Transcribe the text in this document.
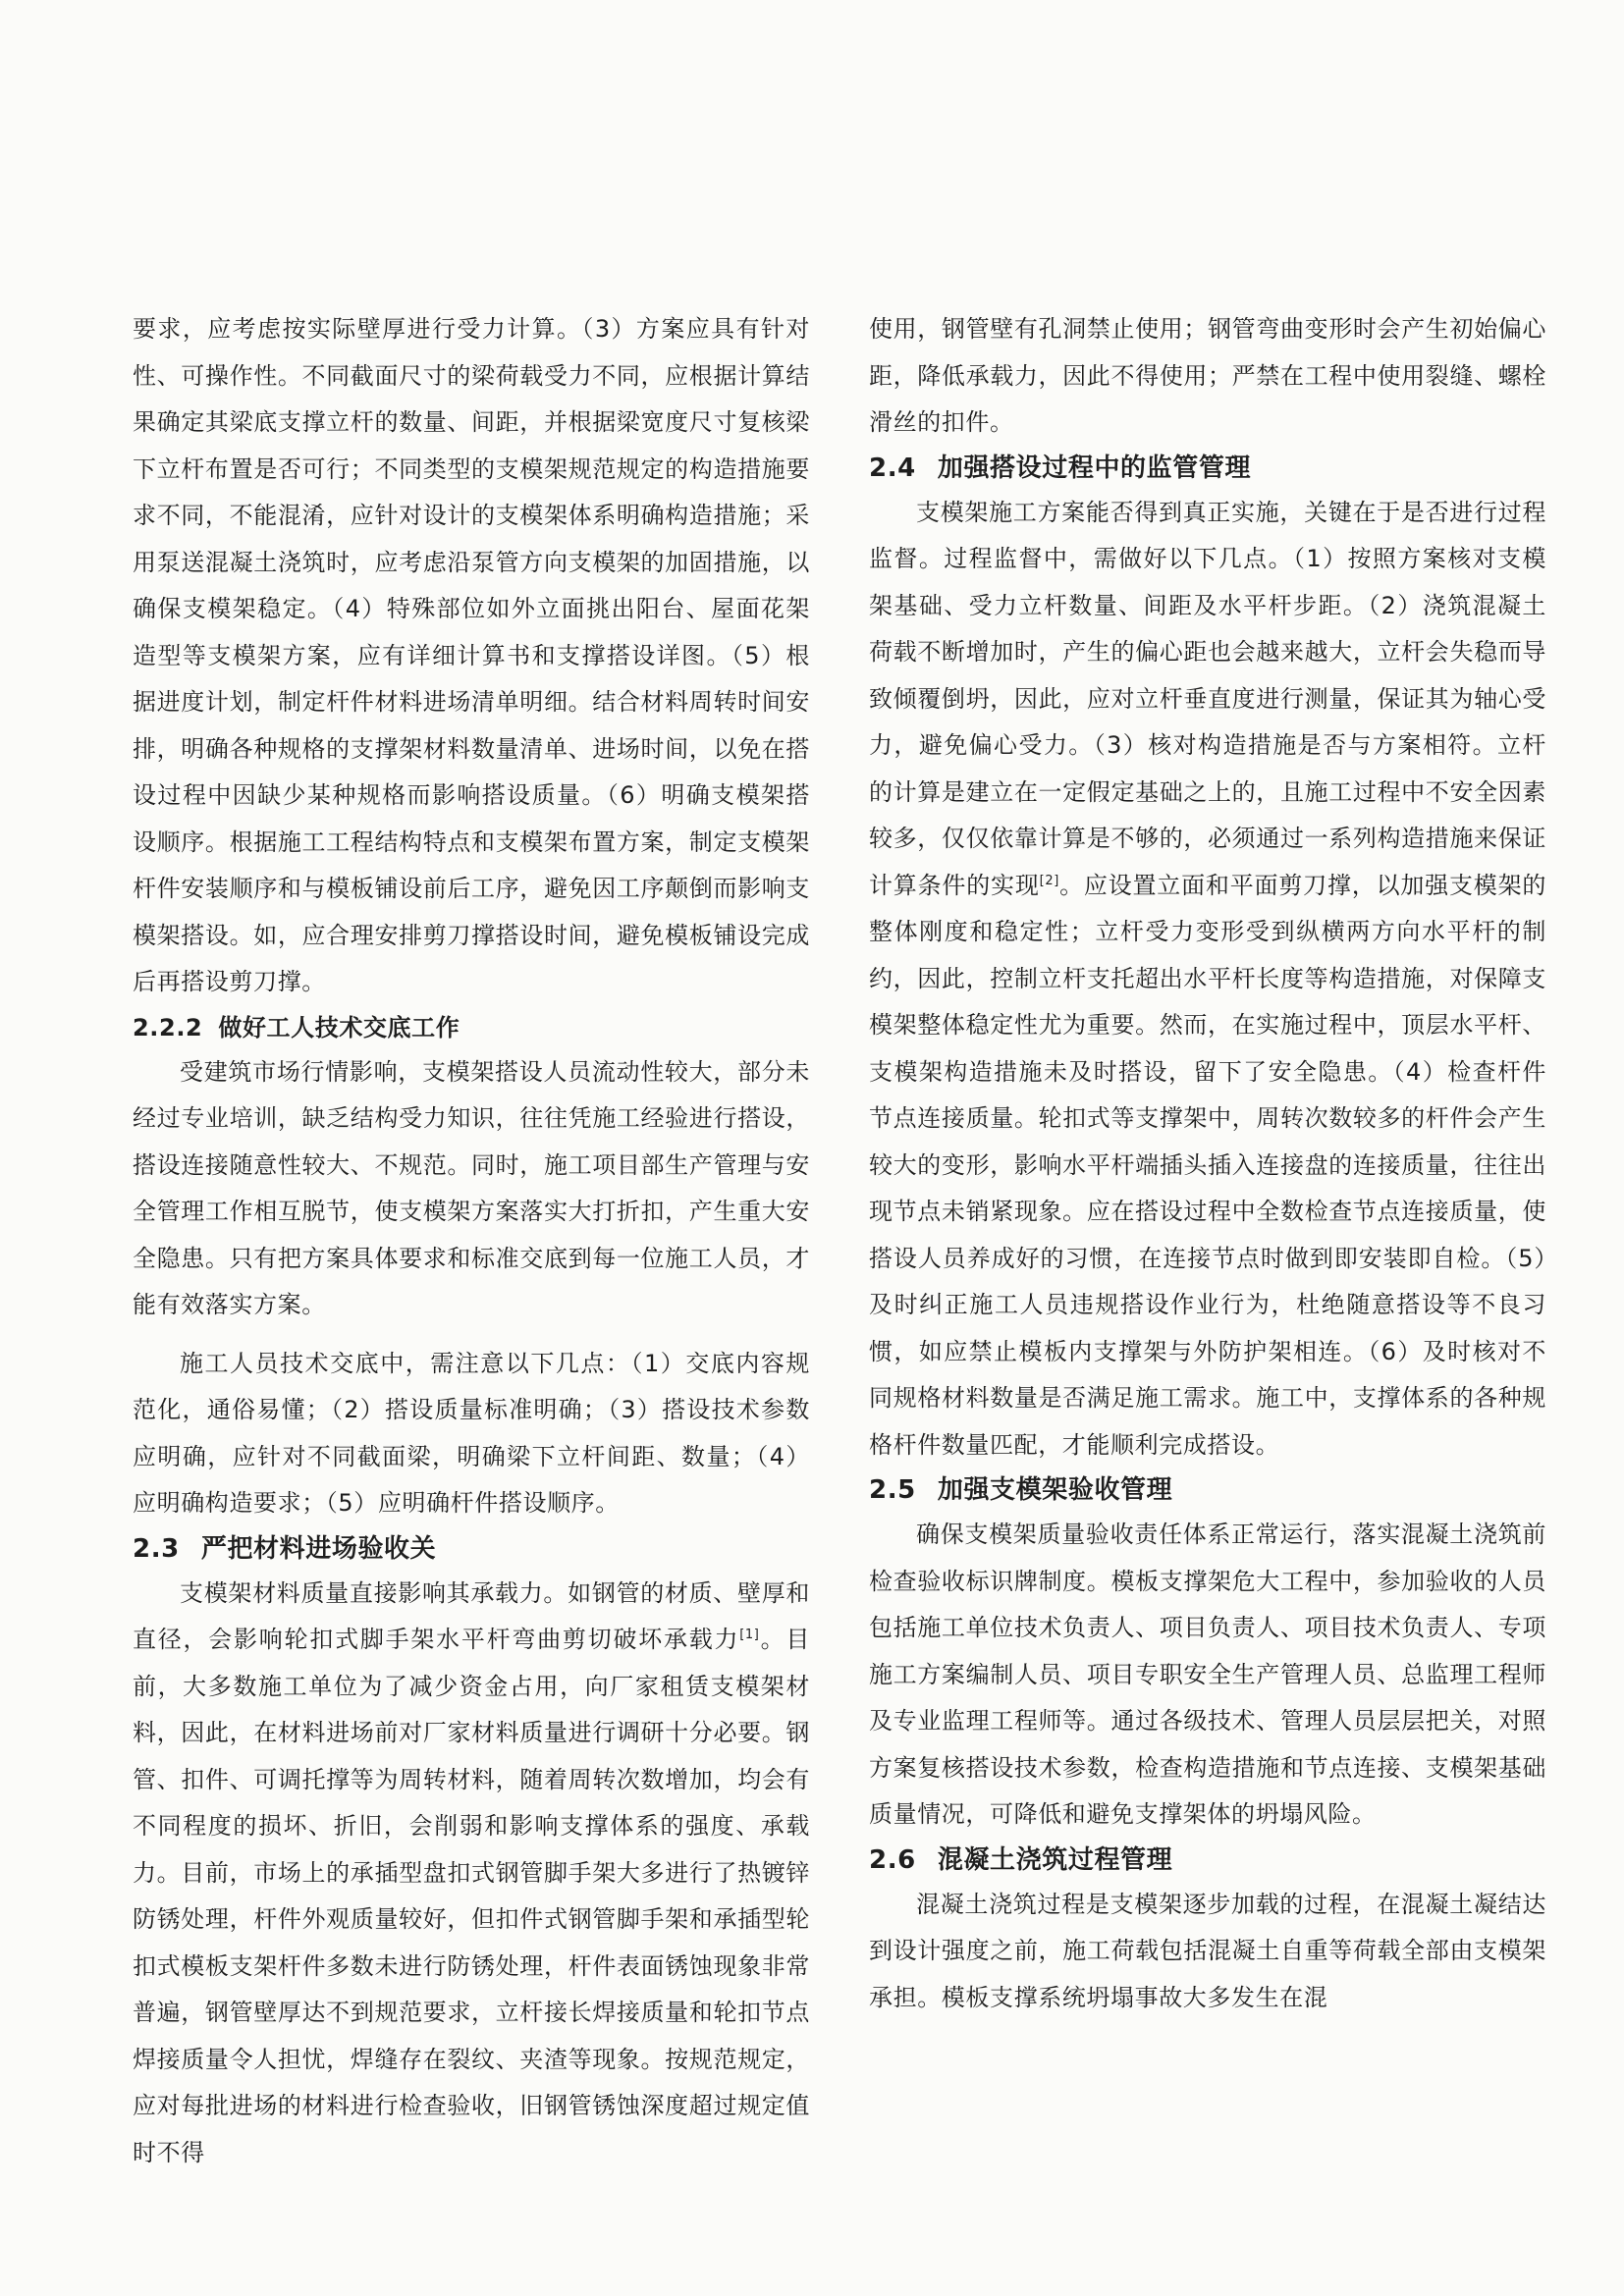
要求，应考虑按实际壁厚进行受力计算。（3）方案应具有针对性、可操作性。不同截面尺寸的梁荷载受力不同，应根据计算结果确定其梁底支撑立杆的数量、间距，并根据梁宽度尺寸复核梁下立杆布置是否可行；不同类型的支模架规范规定的构造措施要求不同，不能混淆，应针对设计的支模架体系明确构造措施；采用泵送混凝土浇筑时，应考虑沿泵管方向支模架的加固措施，以确保支模架稳定。（4）特殊部位如外立面挑出阳台、屋面花架造型等支模架方案，应有详细计算书和支撑搭设详图。（5）根据进度计划，制定杆件材料进场清单明细。结合材料周转时间安排，明确各种规格的支撑架材料数量清单、进场时间，以免在搭设过程中因缺少某种规格而影响搭设质量。（6）明确支模架搭设顺序。根据施工工程结构特点和支模架布置方案，制定支模架杆件安装顺序和与模板铺设前后工序，避免因工序颠倒而影响支模架搭设。如，应合理安排剪刀撑搭设时间，避免模板铺设完成后再搭设剪刀撑。

2.2.2 做好工人技术交底工作

受建筑市场行情影响，支模架搭设人员流动性较大，部分未经过专业培训，缺乏结构受力知识，往往凭施工经验进行搭设，搭设连接随意性较大、不规范。同时，施工项目部生产管理与安全管理工作相互脱节，使支模架方案落实大打折扣，产生重大安全隐患。只有把方案具体要求和标准交底到每一位施工人员，才能有效落实方案。

施工人员技术交底中，需注意以下几点：（1）交底内容规范化，通俗易懂；（2）搭设质量标准明确；（3）搭设技术参数应明确，应针对不同截面梁，明确梁下立杆间距、数量；（4）应明确构造要求；（5）应明确杆件搭设顺序。

2.3 严把材料进场验收关

支模架材料质量直接影响其承载力。如钢管的材质、壁厚和直径，会影响轮扣式脚手架水平杆弯曲剪切破坏承载力[1]。目前，大多数施工单位为了减少资金占用，向厂家租赁支模架材料，因此，在材料进场前对厂家材料质量进行调研十分必要。钢管、扣件、可调托撑等为周转材料，随着周转次数增加，均会有不同程度的损坏、折旧，会削弱和影响支撑体系的强度、承载力。目前，市场上的承插型盘扣式钢管脚手架大多进行了热镀锌防锈处理，杆件外观质量较好，但扣件式钢管脚手架和承插型轮扣式模板支架杆件多数未进行防锈处理，杆件表面锈蚀现象非常普遍，钢管壁厚达不到规范要求，立杆接长焊接质量和轮扣节点焊接质量令人担忧，焊缝存在裂纹、夹渣等现象。按规范规定，应对每批进场的材料进行检查验收，旧钢管锈蚀深度超过规定值时不得

使用，钢管壁有孔洞禁止使用；钢管弯曲变形时会产生初始偏心距，降低承载力，因此不得使用；严禁在工程中使用裂缝、螺栓滑丝的扣件。

2.4 加强搭设过程中的监管管理

支模架施工方案能否得到真正实施，关键在于是否进行过程监督。过程监督中，需做好以下几点。（1）按照方案核对支模架基础、受力立杆数量、间距及水平杆步距。（2）浇筑混凝土荷载不断增加时，产生的偏心距也会越来越大，立杆会失稳而导致倾覆倒坍，因此，应对立杆垂直度进行测量，保证其为轴心受力，避免偏心受力。（3）核对构造措施是否与方案相符。立杆的计算是建立在一定假定基础之上的，且施工过程中不安全因素较多，仅仅依靠计算是不够的，必须通过一系列构造措施来保证计算条件的实现[2]。应设置立面和平面剪刀撑，以加强支模架的整体刚度和稳定性；立杆受力变形受到纵横两方向水平杆的制约，因此，控制立杆支托超出水平杆长度等构造措施，对保障支模架整体稳定性尤为重要。然而，在实施过程中，顶层水平杆、支模架构造措施未及时搭设，留下了安全隐患。（4）检查杆件节点连接质量。轮扣式等支撑架中，周转次数较多的杆件会产生较大的变形，影响水平杆端插头插入连接盘的连接质量，往往出现节点未销紧现象。应在搭设过程中全数检查节点连接质量，使搭设人员养成好的习惯，在连接节点时做到即安装即自检。（5）及时纠正施工人员违规搭设作业行为，杜绝随意搭设等不良习惯，如应禁止模板内支撑架与外防护架相连。（6）及时核对不同规格材料数量是否满足施工需求。施工中，支撑体系的各种规格杆件数量匹配，才能顺利完成搭设。

2.5 加强支模架验收管理

确保支模架质量验收责任体系正常运行，落实混凝土浇筑前检查验收标识牌制度。模板支撑架危大工程中，参加验收的人员包括施工单位技术负责人、项目负责人、项目技术负责人、专项施工方案编制人员、项目专职安全生产管理人员、总监理工程师及专业监理工程师等。通过各级技术、管理人员层层把关，对照方案复核搭设技术参数，检查构造措施和节点连接、支模架基础质量情况，可降低和避免支撑架体的坍塌风险。

2.6 混凝土浇筑过程管理

混凝土浇筑过程是支模架逐步加载的过程，在混凝土凝结达到设计强度之前，施工荷载包括混凝土自重等荷载全部由支模架承担。模板支撑系统坍塌事故大多发生在混
